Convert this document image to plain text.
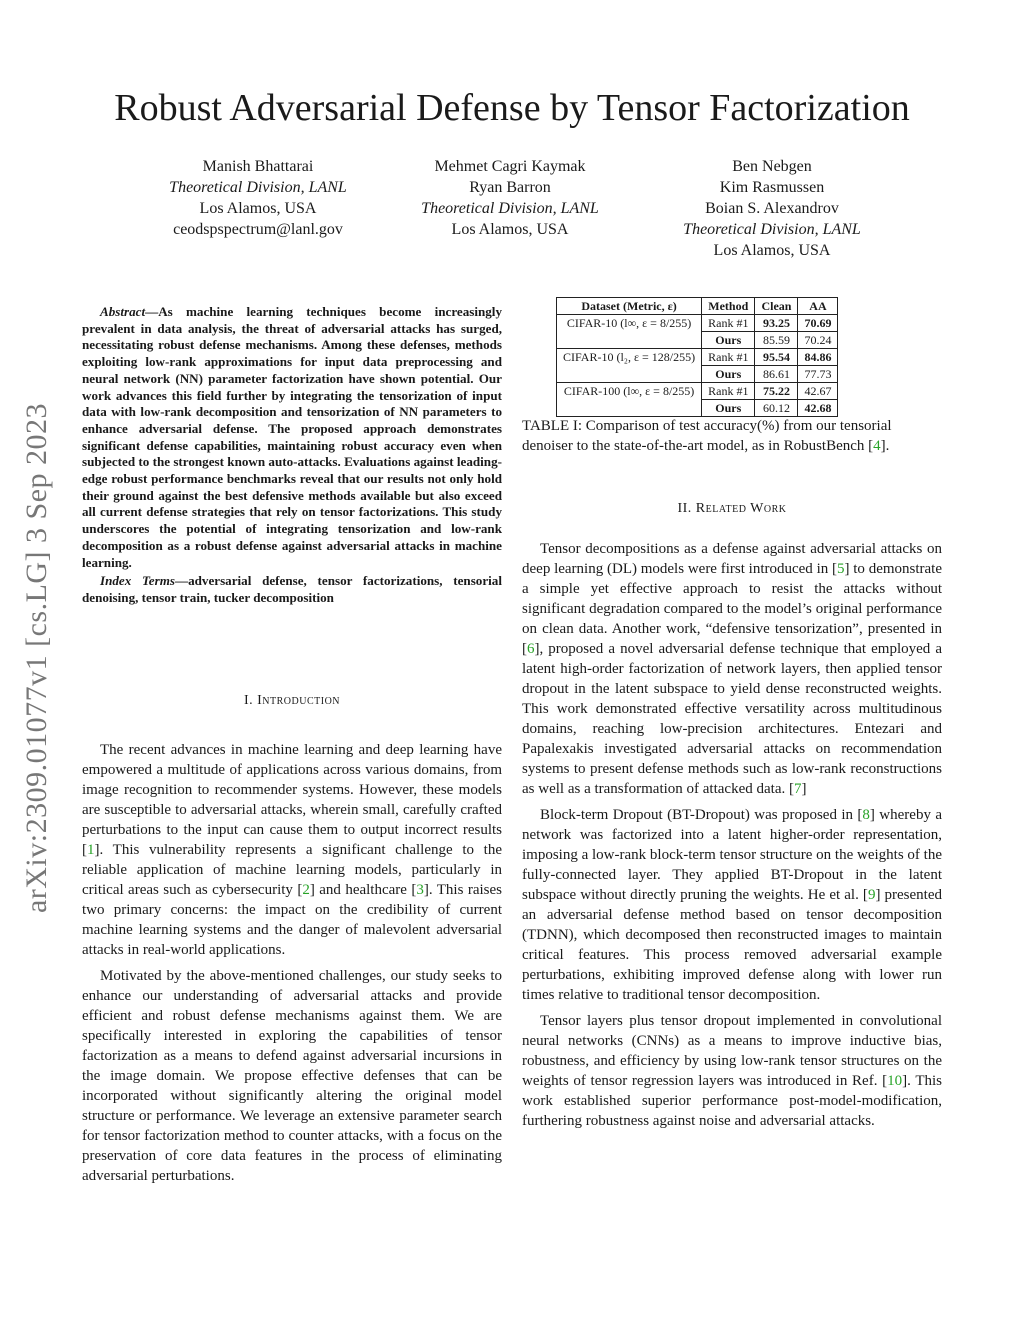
arXiv:2309.01077v1 [cs.LG] 3 Sep 2023
Robust Adversarial Defense by Tensor Factorization
Manish Bhattarai
Theoretical Division, LANL
Los Alamos, USA
ceodspspectrum@lanl.gov
Mehmet Cagri Kaymak
Ryan Barron
Theoretical Division, LANL
Los Alamos, USA
Ben Nebgen
Kim Rasmussen
Boian S. Alexandrov
Theoretical Division, LANL
Los Alamos, USA

Abstract—As machine learning techniques become increasingly prevalent in data analysis, the threat of adversarial attacks has surged, necessitating robust defense mechanisms. Among these defenses, methods exploiting low-rank approximations for input data preprocessing and neural network (NN) parameter factorization have shown potential. Our work advances this field further by integrating the tensorization of input data with low-rank decomposition and tensorization of NN parameters to enhance adversarial defense. The proposed approach demonstrates significant defense capabilities, maintaining robust accuracy even when subjected to the strongest known auto-attacks. Evaluations against leading-edge robust performance benchmarks reveal that our results not only hold their ground against the best defensive methods available but also exceed all current defense strategies that rely on tensor factorizations. This study underscores the potential of integrating tensorization and low-rank decomposition as a robust defense against adversarial attacks in machine learning.

Index Terms—adversarial defense, tensor factorizations, tensorial denoising, tensor train, tucker decomposition

I. Introduction

The recent advances in machine learning and deep learning have empowered a multitude of applications across various domains, from image recognition to recommender systems. However, these models are susceptible to adversarial attacks, wherein small, carefully crafted perturbations to the input can cause them to output incorrect results [1]. This vulnerability represents a significant challenge to the reliable application of machine learning models, particularly in critical areas such as cybersecurity [2] and healthcare [3]. This raises two primary concerns: the impact on the credibility of current machine learning systems and the danger of malevolent adversarial attacks in real-world applications.

Motivated by the above-mentioned challenges, our study seeks to enhance our understanding of adversarial attacks and provide efficient and robust defense mechanisms against them. We are specifically interested in exploring the capabilities of tensor factorization as a means to defend against adversarial incursions in the image domain. We propose effective defenses that can be incorporated without significantly altering the original model structure or performance. We leverage an extensive parameter search for tensor factorization method to counter attacks, with a focus on the preservation of core data features in the process of eliminating adversarial perturbations.

Dataset (Metric, ε)	Method	Clean	AA
CIFAR-10 (l∞, ε = 8/255)	Rank #1	93.25	70.69
	Ours	85.59	70.24
CIFAR-10 (l₂, ε = 128/255)	Rank #1	95.54	84.86
	Ours	86.61	77.73
CIFAR-100 (l∞, ε = 8/255)	Rank #1	75.22	42.67
	Ours	60.12	42.68
TABLE I: Comparison of test accuracy(%) from our tensorial denoiser to the state-of-the-art model, as in RobustBench [4].
II. Related Work

Tensor decompositions as a defense against adversarial attacks on deep learning (DL) models were first introduced in [5] to demonstrate a simple yet effective approach to resist the attacks without significant degradation compared to the model’s original performance on clean data. Another work, “defensive tensorization”, presented in [6], proposed a novel adversarial defense technique that employed a latent high-order factorization of network layers, then applied tensor dropout in the latent subspace to yield dense reconstructed weights. This work demonstrated effective versatility across multitudinous domains, reaching low-precision architectures. Entezari and Papalexakis investigated adversarial attacks on recommendation systems to present defense methods such as low-rank reconstructions as well as a transformation of attacked data. [7]

Block-term Dropout (BT-Dropout) was proposed in [8] whereby a network was factorized into a latent higher-order representation, imposing a low-rank block-term tensor structure on the weights of the fully-connected layer. They applied BT-Dropout in the latent subspace without directly pruning the weights. He et al. [9] presented an adversarial defense method based on tensor decomposition (TDNN), which decomposed then reconstructed images to maintain critical features. This process removed adversarial example perturbations, exhibiting improved defense along with lower run times relative to traditional tensor decomposition.

Tensor layers plus tensor dropout implemented in convolutional neural networks (CNNs) as a means to improve inductive bias, robustness, and efficiency by using low-rank tensor structures on the weights of tensor regression layers was introduced in Ref. [10]. This work established superior performance post-model-modification, furthering robustness against noise and adversarial attacks.
